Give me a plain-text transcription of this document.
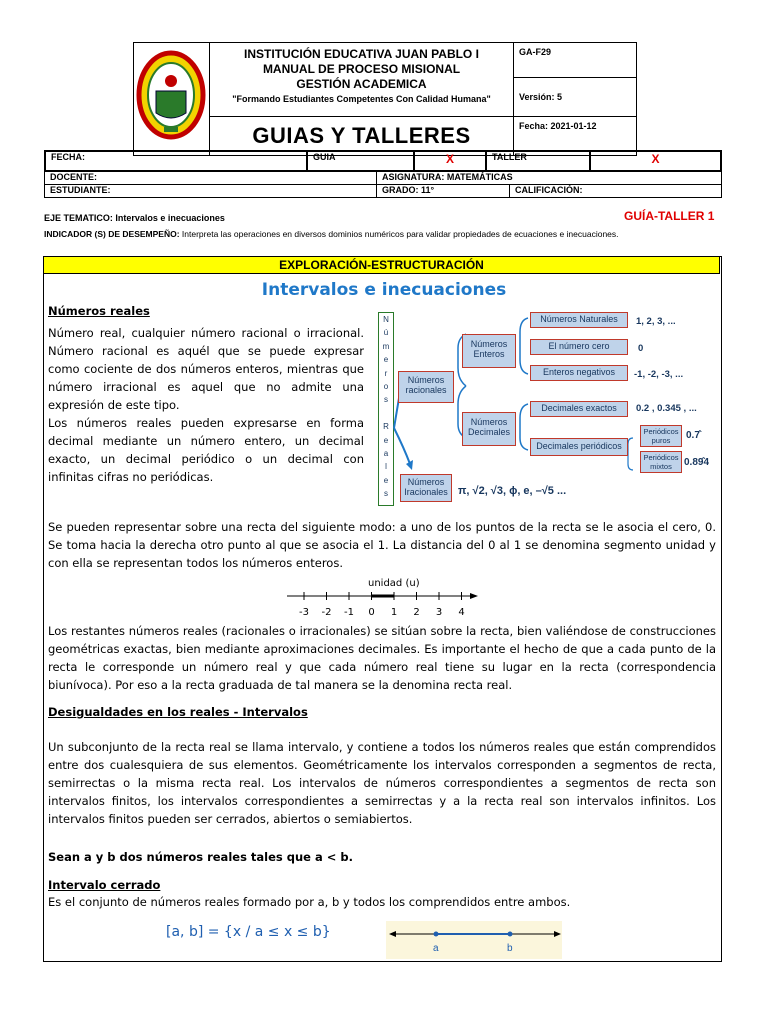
INSTITUCIÓN EDUCATIVA JUAN PABLO I
MANUAL DE PROCESO MISIONAL
GESTIÓN ACADEMICA
"Formando Estudiantes Competentes Con Calidad Humana"	GA-F29
		Versión: 5

	GUIAS Y TALLERES	Fecha: 2021-01-12
FECHA:	GUIA	X	TALLER	X
DOCENTE:	ASIGNATURA: MATEMÁTICAS	
ESTUDIANTE:	GRADO: 11°	CALIFICACIÓN:
EJE TEMATICO: Intervalos e inecuaciones	GUÍA-TALLER 1
INDICADOR (S) DE DESEMPEÑO: Interpreta las operaciones en diversos dominios numéricos para validar propiedades de ecuaciones e inecuaciones.
EXPLORACIÓN-ESTRUCTURACIÓN
Intervalos e inecuaciones
Números reales
Número real, cualquier número racional o irracional. Número racional es aquél que se puede expresar como cociente de dos números enteros, mientras que número irracional es aquel que no admite una expresión de este tipo.
Los números reales pueden expresarse en forma decimal mediante un número entero, un decimal exacto, un decimal periódico o un decimal con infinitas cifras no periódicas.
N
ú
m
e
r
o
s

R
e
a
l
e
s
Números racionales
Números Iracionales π, √2, √3, ϕ, e, –√5 ...
Números Enteros
Números Decimales
Números Naturales	1, 2, 3, ...
El número cero	0
Enteros negativos	-1, -2, -3, ...
Decimales exactos	0.2 , 0.345 , ...
Decimales periódicos
Periódicos puros	0.7̂
Periódicos mixtos	0.89̂4
Se pueden representar sobre una recta del siguiente modo: a uno de los puntos de la recta se le asocia el cero, 0. Se toma hacia la derecha otro punto al que se asocia el 1. La distancia del 0 al 1 se denomina segmento unidad y con ella se representan todos los números enteros.
unidad (u)
-3 -2 -1 0 1 2 3 4
Los restantes números reales (racionales o irracionales) se sitúan sobre la recta, bien valiéndose de construcciones geométricas exactas, bien mediante aproximaciones decimales. Es importante el hecho de que a cada punto de la recta le corresponde un número real y que cada número real tiene su lugar en la recta (correspondencia biunívoca). Por eso a la recta graduada de tal manera se la denomina recta real.
Desigualdades en los reales - Intervalos
Un subconjunto de la recta real se llama intervalo, y contiene a todos los números reales que están comprendidos entre dos cualesquiera de sus elementos. Geométricamente los intervalos corresponden a segmentos de recta, semirrectas o la misma recta real. Los intervalos de números correspondientes a segmentos de recta son intervalos finitos, los intervalos correspondientes a semirrectas y a la recta real son intervalos infinitos. Los intervalos finitos pueden ser cerrados, abiertos o semiabiertos.
Sean a y b dos números reales tales que a < b.
Intervalo cerrado
Es el conjunto de números reales formado por a, b y todos los comprendidos entre ambos.
[a, b] = {x / a ≤ x ≤ b}
a	b
